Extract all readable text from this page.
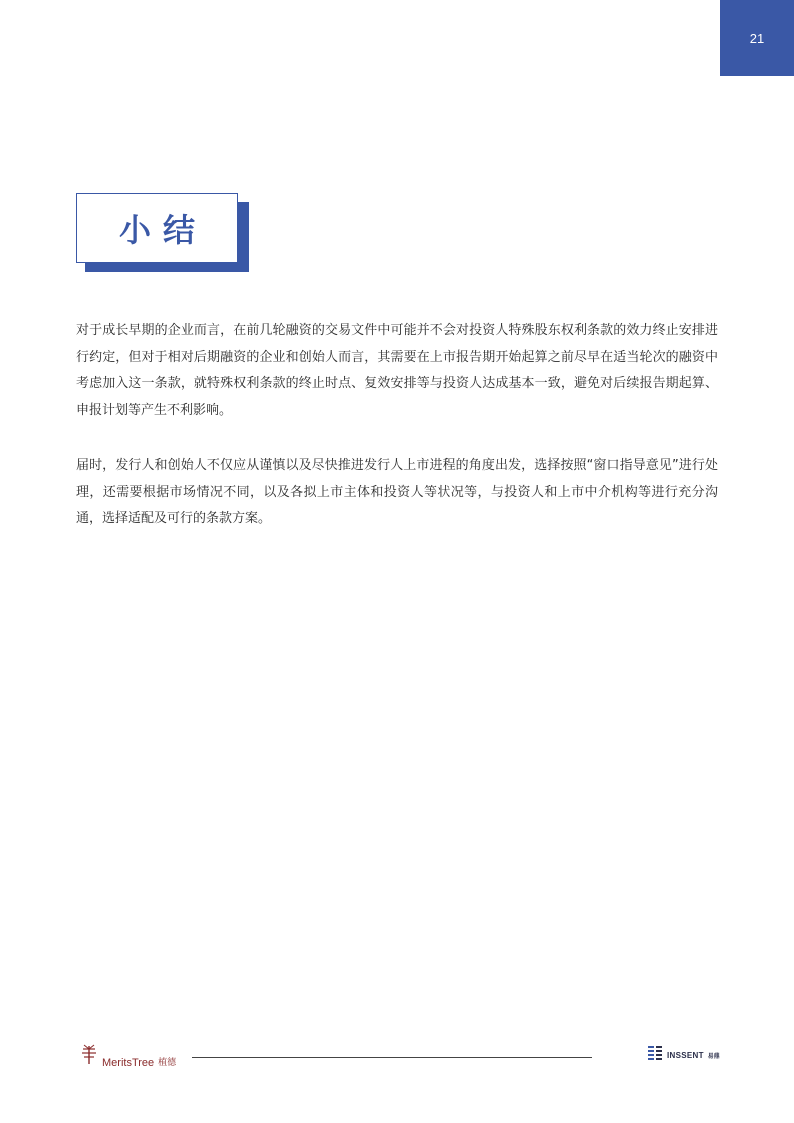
21
小结

对于成长早期的企业而言，在前几轮融资的交易文件中可能并不会对投资人特殊股东权利条款的效力终止安排进行约定，但对于相对后期融资的企业和创始人而言，其需要在上市报告期开始起算之前尽早在适当轮次的融资中考虑加入这一条款，就特殊权利条款的终止时点、复效安排等与投资人达成基本一致，避免对后续报告期起算、申报计划等产生不利影响。

届时，发行人和创始人不仅应从谨慎以及尽快推进发行人上市进程的角度出发，选择按照“窗口指导意见”进行处理，还需要根据市场情况不同，以及各拟上市主体和投资人等状况等，与投资人和上市中介机构等进行充分沟通，选择适配及可行的条款方案。

MeritsTree 植德
INSSENT 易鼎
